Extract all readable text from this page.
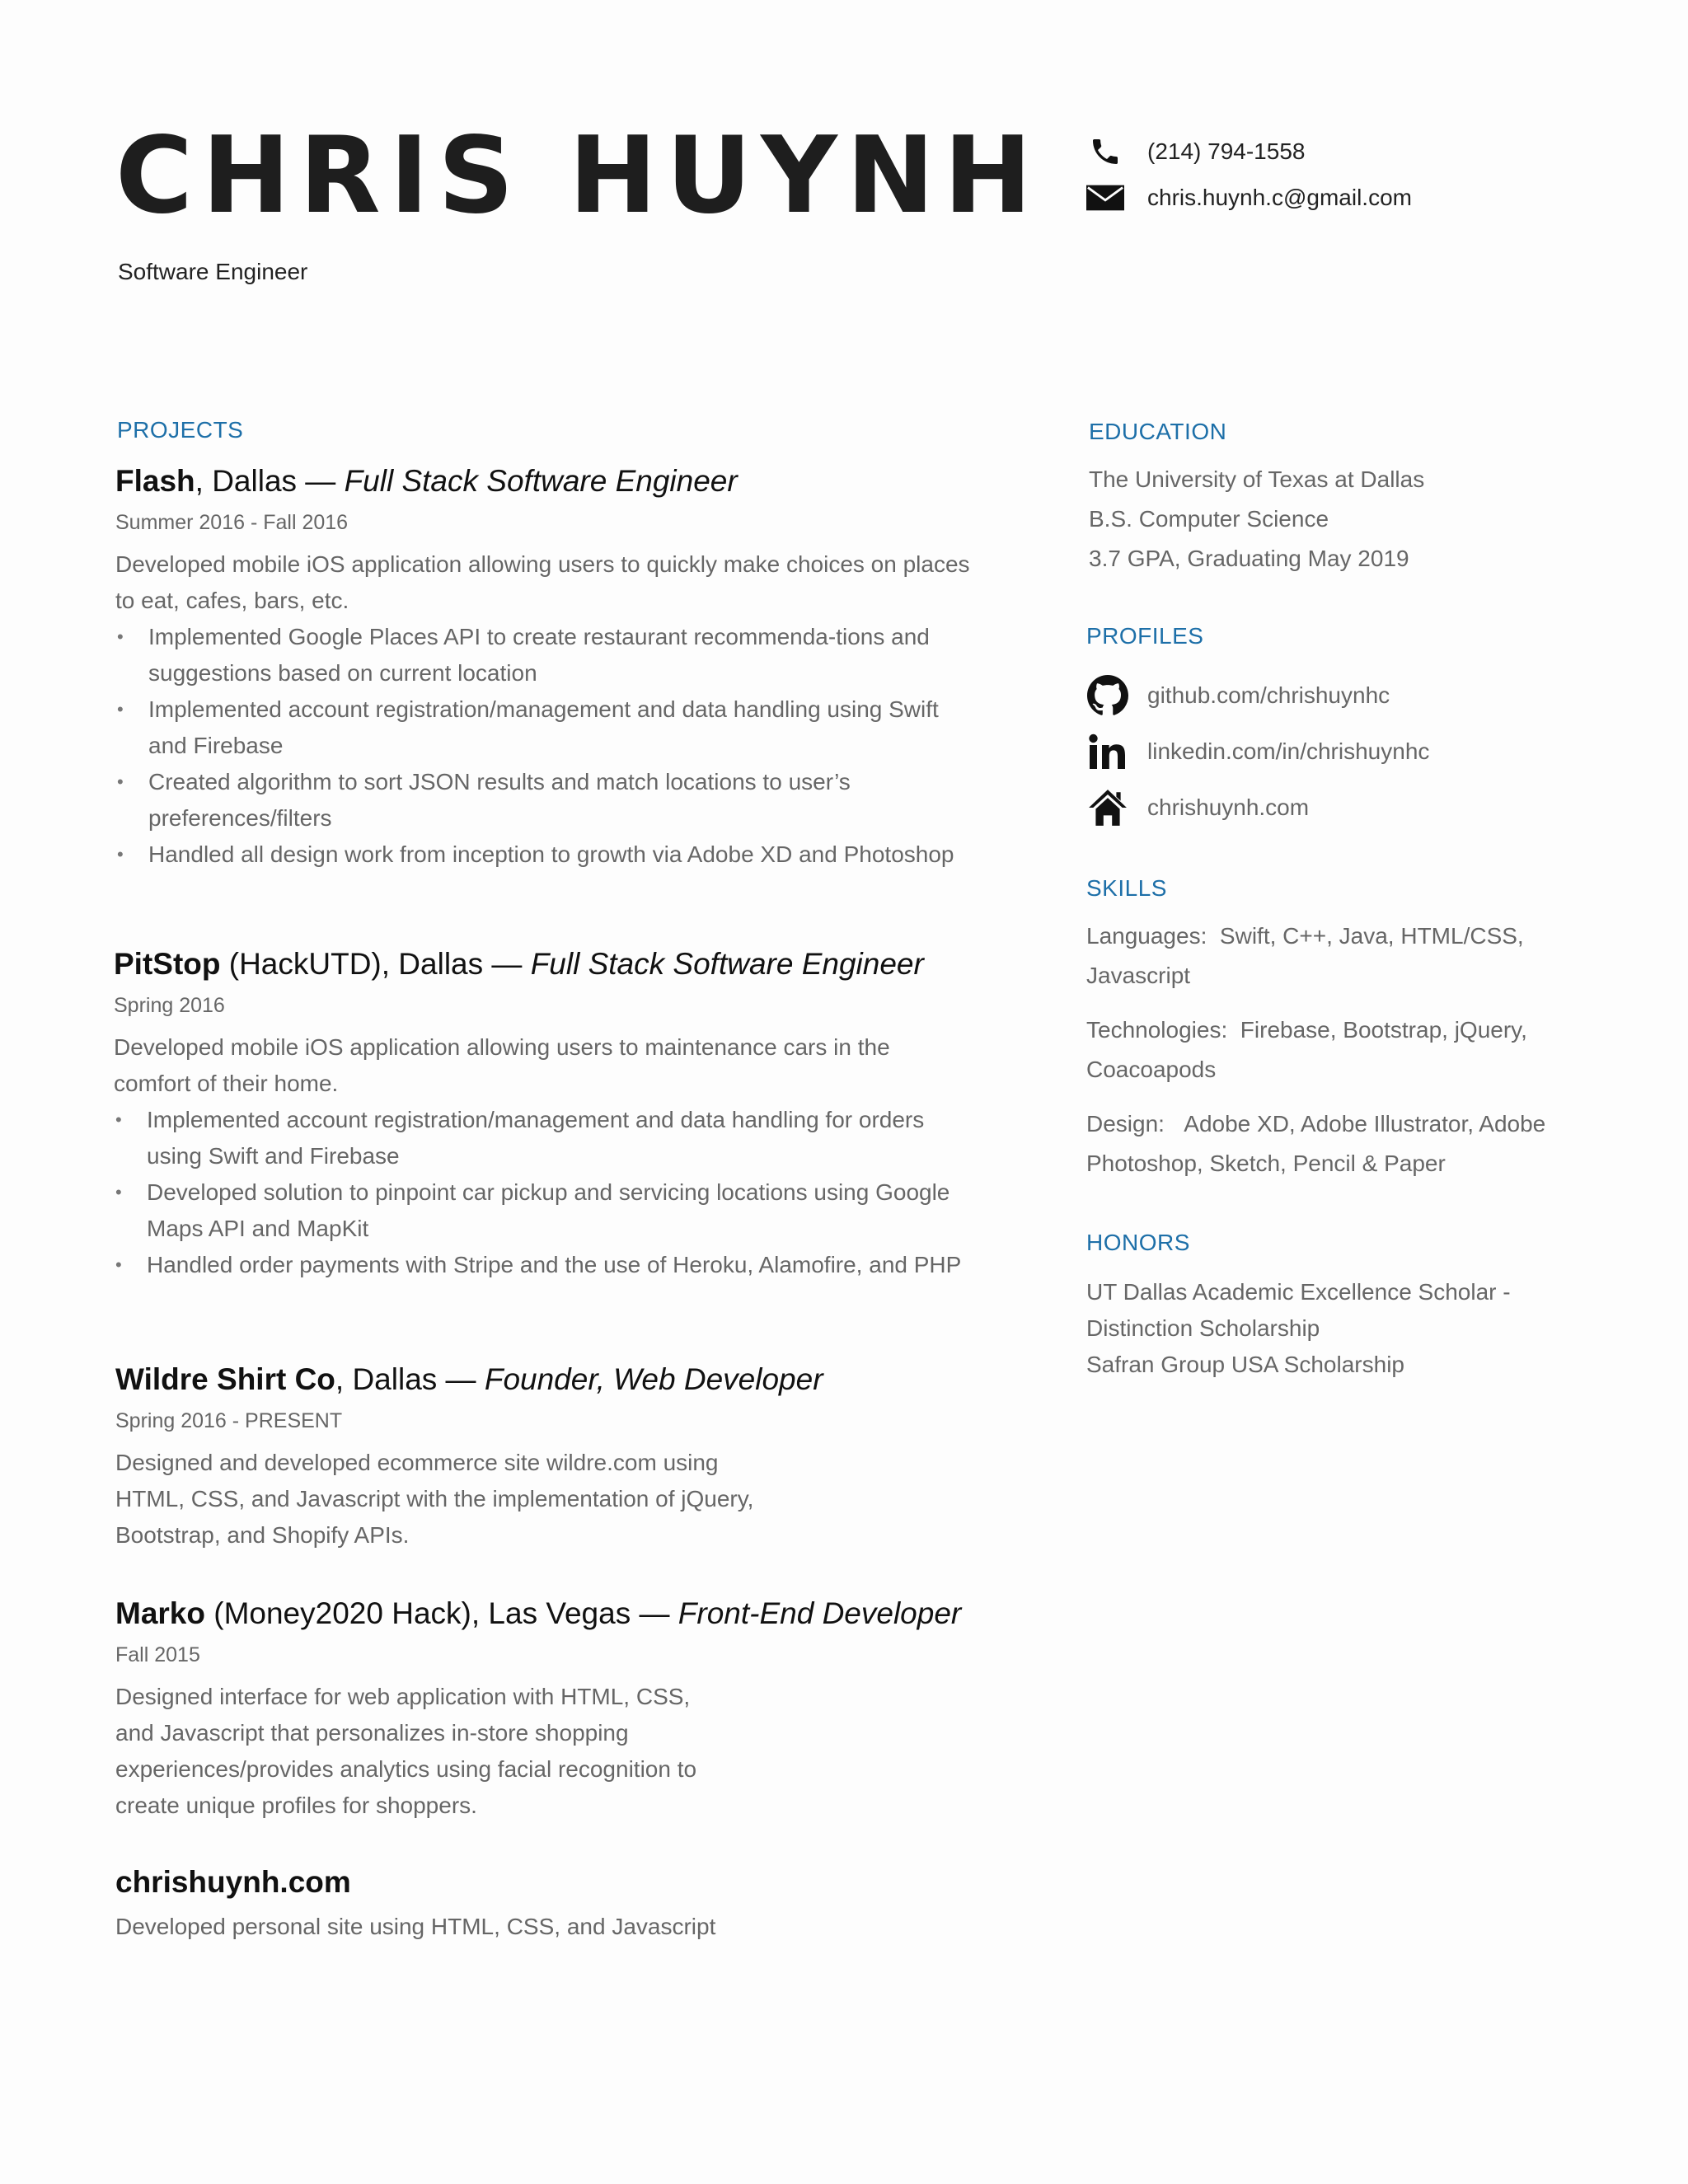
CHRIS HUYNH
Software Engineer
(214) 794-1558
chris.huynh.c@gmail.com
PROJECTS
Flash, Dallas — Full Stack Software Engineer
Summer 2016 - Fall 2016
Developed mobile iOS application allowing users to quickly make choices on places to eat, cafes, bars, etc.
• Implemented Google Places API to create restaurant recommenda-tions and suggestions based on current location
• Implemented account registration/management and data handling using Swift and Firebase
• Created algorithm to sort JSON results and match locations to user’s preferences/filters
• Handled all design work from inception to growth via Adobe XD and Photoshop
PitStop (HackUTD), Dallas — Full Stack Software Engineer
Spring 2016
Developed mobile iOS application allowing users to maintenance cars in the comfort of their home.
• Implemented account registration/management and data handling for orders using Swift and Firebase
• Developed solution to pinpoint car pickup and servicing locations using Google Maps API and MapKit
• Handled order payments with Stripe and the use of Heroku, Alamofire, and PHP
Wildre Shirt Co, Dallas — Founder, Web Developer
Spring 2016 - PRESENT
Designed and developed ecommerce site wildre.com using HTML, CSS, and Javascript with the implementation of jQuery, Bootstrap, and Shopify APIs.
Marko (Money2020 Hack), Las Vegas — Front-End Developer
Fall 2015
Designed interface for web application with HTML, CSS, and Javascript that personalizes in-store shopping experiences/provides analytics using facial recognition to create unique profiles for shoppers.
chrishuynh.com
Developed personal site using HTML, CSS, and Javascript
EDUCATION
The University of Texas at Dallas
B.S. Computer Science
3.7 GPA, Graduating May 2019
PROFILES
github.com/chrishuynhc
linkedin.com/in/chrishuynhc
chrishuynh.com
SKILLS
Languages: Swift, C++, Java, HTML/CSS, Javascript
Technologies: Firebase, Bootstrap, jQuery, Coacoapods
Design: Adobe XD, Adobe Illustrator, Adobe Photoshop, Sketch, Pencil & Paper
HONORS
UT Dallas Academic Excellence Scholar - Distinction Scholarship
Safran Group USA Scholarship
